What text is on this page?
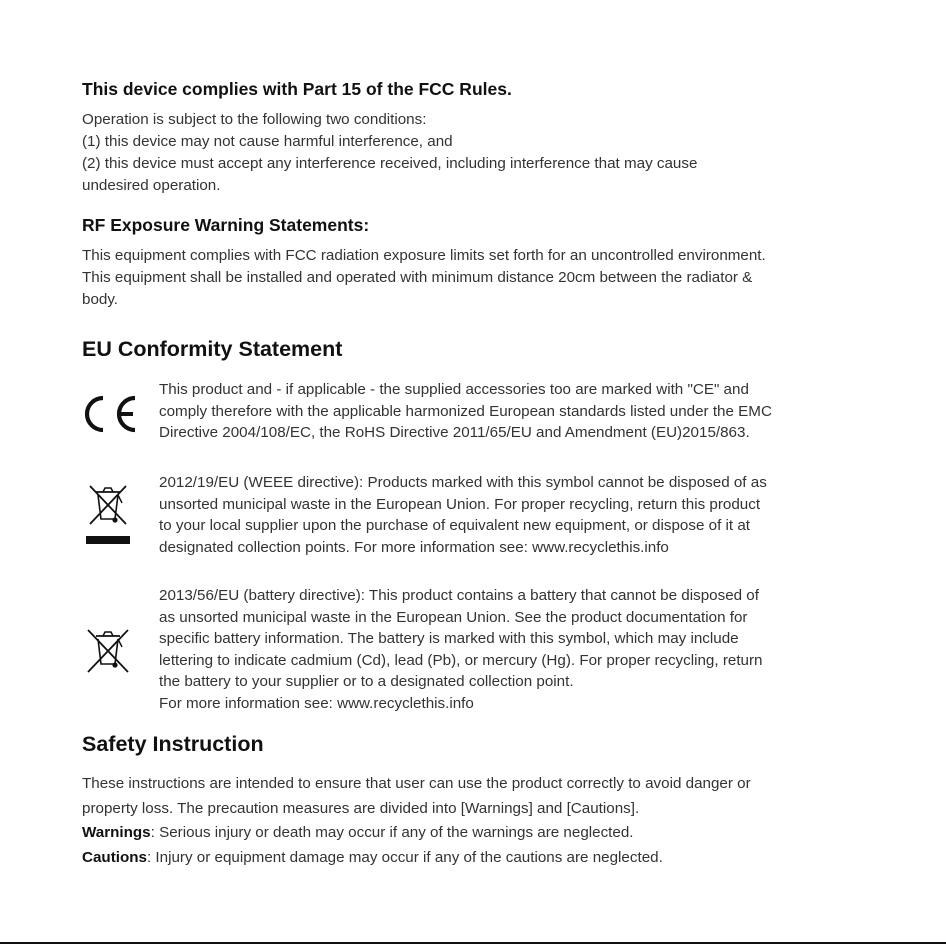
This device complies with Part 15 of the FCC Rules.

Operation is subject to the following two conditions:
(1) this device may not cause harmful interference, and
(2) this device must accept any interference received, including interference that may cause
undesired operation.

RF Exposure Warning Statements:

This equipment complies with FCC radiation exposure limits set forth for an uncontrolled environment.
This equipment shall be installed and operated with minimum distance 20cm between the radiator &
body.

EU Conformity Statement

This product and - if applicable - the supplied accessories too are marked with "CE" and
comply therefore with the applicable harmonized European standards listed under the EMC
Directive 2004/108/EC, the RoHS Directive 2011/65/EU and Amendment (EU)2015/863.

2012/19/EU (WEEE directive): Products marked with this symbol cannot be disposed of as
unsorted municipal waste in the European Union. For proper recycling, return this product
to your local supplier upon the purchase of equivalent new equipment, or dispose of it at
designated collection points. For more information see: www.recyclethis.info

2013/56/EU (battery directive): This product contains a battery that cannot be disposed of
as unsorted municipal waste in the European Union. See the product documentation for
specific battery information. The battery is marked with this symbol, which may include
lettering to indicate cadmium (Cd), lead (Pb), or mercury (Hg). For proper recycling, return
the battery to your supplier or to a designated collection point.
For more information see: www.recyclethis.info

Safety Instruction

These instructions are intended to ensure that user can use the product correctly to avoid danger or
property loss. The precaution measures are divided into [Warnings] and [Cautions].
Warnings: Serious injury or death may occur if any of the warnings are neglected.
Cautions: Injury or equipment damage may occur if any of the cautions are neglected.
